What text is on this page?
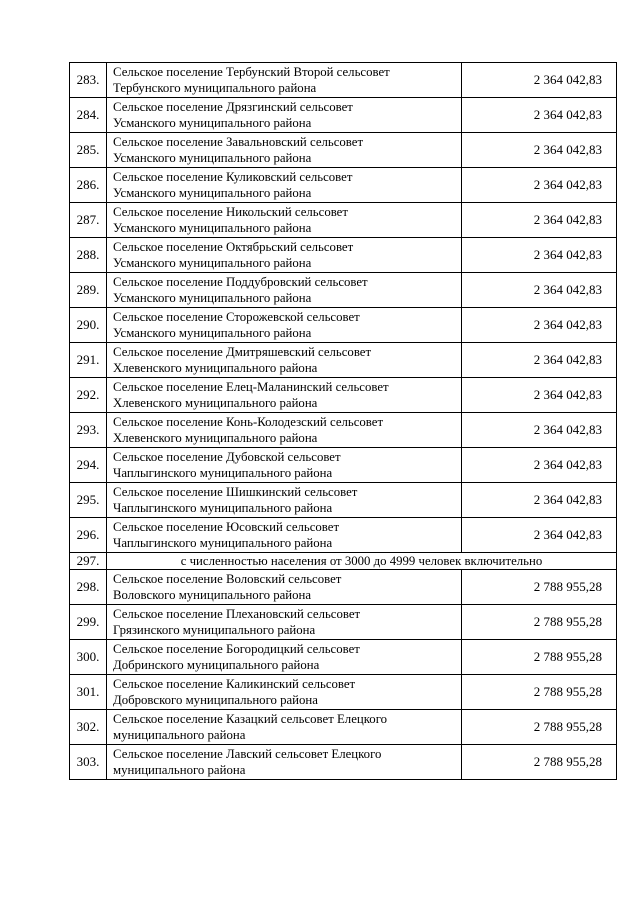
283.	Сельское поселение Тербунский Второй сельсовет
Тербунского муниципального района	2 364 042,83
284.	Сельское поселение Дрязгинский сельсовет
Усманского муниципального района	2 364 042,83
285.	Сельское поселение Завальновский сельсовет
Усманского муниципального района	2 364 042,83
286.	Сельское поселение Куликовский сельсовет
Усманского муниципального района	2 364 042,83
287.	Сельское поселение Никольский сельсовет
Усманского муниципального района	2 364 042,83
288.	Сельское поселение Октябрьский сельсовет
Усманского муниципального района	2 364 042,83
289.	Сельское поселение Поддубровский сельсовет
Усманского муниципального района	2 364 042,83
290.	Сельское поселение Сторожевской сельсовет
Усманского муниципального района	2 364 042,83
291.	Сельское поселение Дмитряшевский сельсовет
Хлевенского муниципального района	2 364 042,83
292.	Сельское поселение Елец-Маланинский сельсовет
Хлевенского муниципального района	2 364 042,83
293.	Сельское поселение Конь-Колодезский сельсовет
Хлевенского муниципального района	2 364 042,83
294.	Сельское поселение Дубовской сельсовет
Чаплыгинского муниципального района	2 364 042,83
295.	Сельское поселение Шишкинский сельсовет
Чаплыгинского муниципального района	2 364 042,83
296.	Сельское поселение Юсовский сельсовет
Чаплыгинского муниципального района	2 364 042,83
297.	с численностью населения от 3000 до 4999 человек включительно	
298.	Сельское поселение Воловский сельсовет
Воловского муниципального района	2 788 955,28
299.	Сельское поселение Плехановский сельсовет
Грязинского муниципального района	2 788 955,28
300.	Сельское поселение Богородицкий сельсовет
Добринского муниципального района	2 788 955,28
301.	Сельское поселение Каликинский сельсовет
Добровского муниципального района	2 788 955,28
302.	Сельское поселение Казацкий сельсовет Елецкого
муниципального района	2 788 955,28
303.	Сельское поселение Лавский сельсовет Елецкого
муниципального района	2 788 955,28
